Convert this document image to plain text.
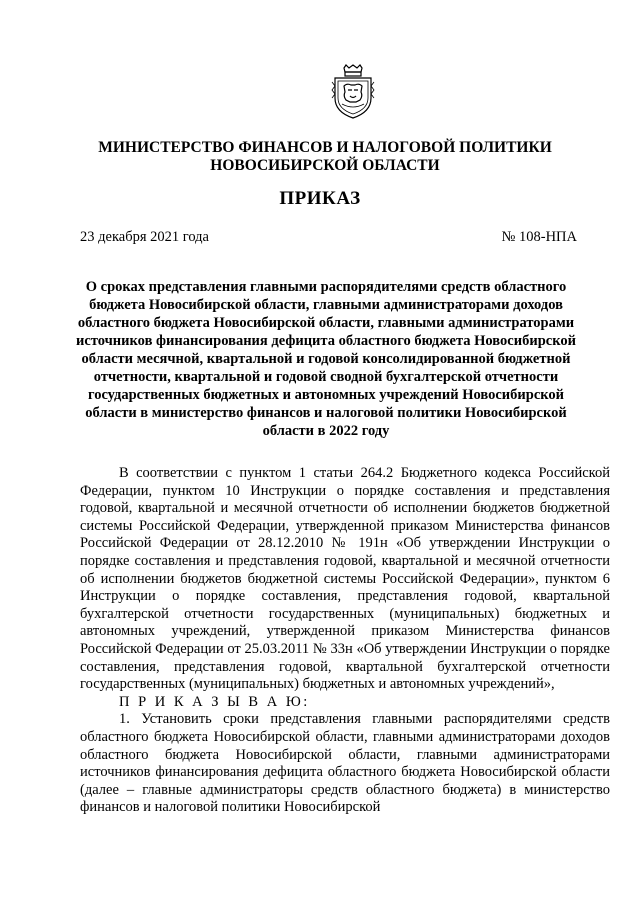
МИНИСТЕРСТВО ФИНАНСОВ И НАЛОГОВОЙ ПОЛИТИКИ
НОВОСИБИРСКОЙ ОБЛАСТИ
ПРИКАЗ
23 декабря 2021 года	№ 108-НПА
О сроках представления главными распорядителями средств областного бюджета Новосибирской области, главными администраторами доходов областного бюджета Новосибирской области, главными администраторами источников финансирования дефицита областного бюджета Новосибирской области месячной, квартальной и годовой консолидированной бюджетной отчетности, квартальной и годовой сводной бухгалтерской отчетности государственных бюджетных и автономных учреждений Новосибирской области в министерство финансов и налоговой политики Новосибирской области в 2022 году

В соответствии с пунктом 1 статьи 264.2 Бюджетного кодекса Российской Федерации, пунктом 10 Инструкции о порядке составления и представления годовой, квартальной и месячной отчетности об исполнении бюджетов бюджетной системы Российской Федерации, утвержденной приказом Министерства финансов Российской Федерации от 28.12.2010 № 191н «Об утверждении Инструкции о порядке составления и представления годовой, квартальной и месячной отчетности об исполнении бюджетов бюджетной системы Российской Федерации», пунктом 6 Инструкции о порядке составления, представления годовой, квартальной бухгалтерской отчетности государственных (муниципальных) бюджетных и автономных учреждений, утвержденной приказом Министерства финансов Российской Федерации от 25.03.2011 № 33н «Об утверждении Инструкции о порядке составления, представления годовой, квартальной бухгалтерской отчетности государственных (муниципальных) бюджетных и автономных учреждений»,

П Р И К А З Ы В А Ю:

1. Установить сроки представления главными распорядителями средств областного бюджета Новосибирской области, главными администраторами доходов областного бюджета Новосибирской области, главными администраторами источников финансирования дефицита областного бюджета Новосибирской области (далее – главные администраторы средств областного бюджета) в министерство финансов и налоговой политики Новосибирской
